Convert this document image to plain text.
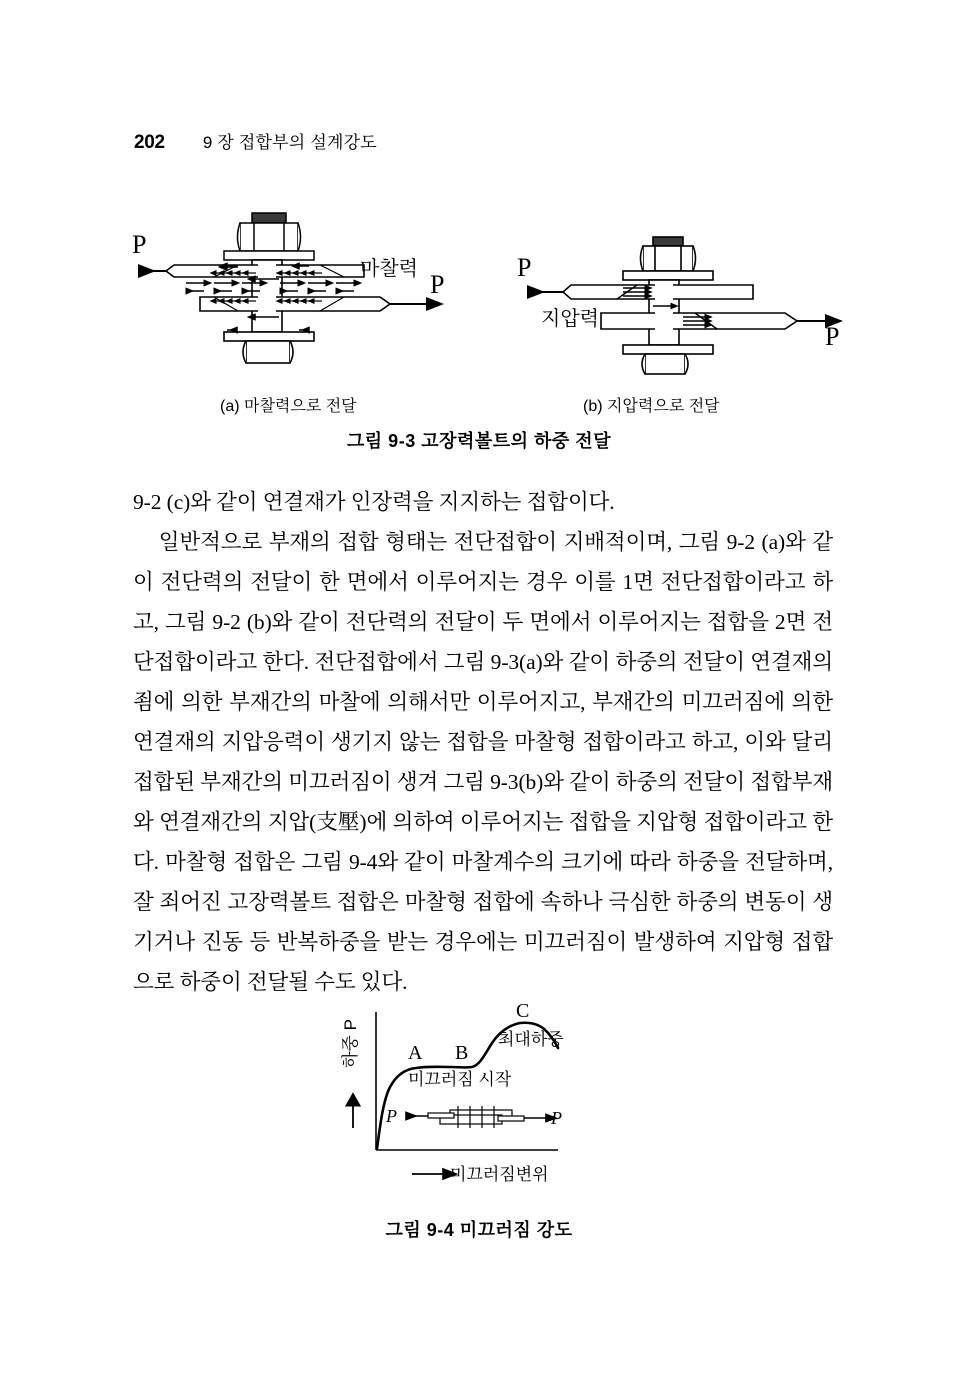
202 9 장 접합부의 설계강도
P
P
마찰력	P
P
지압력
(a) 마찰력으로 전달	(b) 지압력으로 전달
그림 9-3 고장력볼트의 하중 전달

9-2 (c)와 같이 연결재가 인장력을 지지하는 접합이다.

일반적으로 부재의 접합 형태는 전단접합이 지배적이며, 그림 9-2 (a)와 같이 전단력의 전달이 한 면에서 이루어지는 경우 이를 1면 전단접합이라고 하고, 그림 9-2 (b)와 같이 전단력의 전달이 두 면에서 이루어지는 접합을 2면 전단접합이라고 한다. 전단접합에서 그림 9-3(a)와 같이 하중의 전달이 연결재의 죔에 의한 부재간의 마찰에 의해서만 이루어지고, 부재간의 미끄러짐에 의한 연결재의 지압응력이 생기지 않는 접합을 마찰형 접합이라고 하고, 이와 달리 접합된 부재간의 미끄러짐이 생겨 그림 9-3(b)와 같이 하중의 전달이 접합부재와 연결재간의 지압(支壓)에 의하여 이루어지는 접합을 지압형 접합이라고 한다. 마찰형 접합은 그림 9-4와 같이 마찰계수의 크기에 따라 하중을 전달하며, 잘 죄어진 고장력볼트 접합은 마찰형 접합에 속하나 극심한 하중의 변동이 생기거나 진동 등 반복하중을 받는 경우에는 미끄러짐이 발생하여 지압형 접합으로 하중이 전달될 수도 있다.

A B
C
미끄러짐 시작
최대하중
하중 P
미끄러짐변위
P	P
그림 9-4 미끄러짐 강도
